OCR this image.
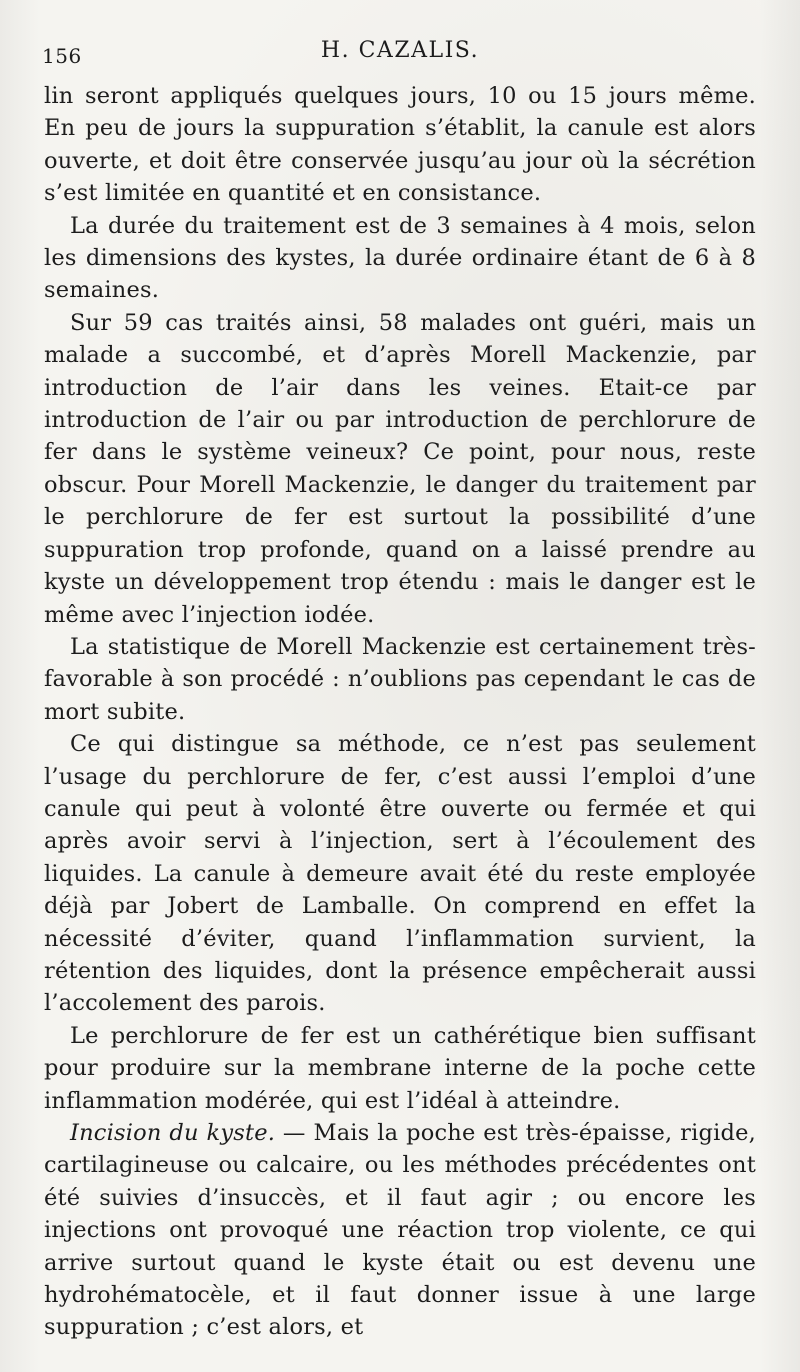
156	H. CAZALIS.

lin seront appliqués quelques jours, 10 ou 15 jours même. En peu de jours la suppuration s’établit, la canule est alors ouverte, et doit être conservée jusqu’au jour où la sécrétion s’est limitée en quantité et en consistance.

La durée du traitement est de 3 semaines à 4 mois, selon les dimensions des kystes, la durée ordinaire étant de 6 à 8 semaines.

Sur 59 cas traités ainsi, 58 malades ont guéri, mais un malade a succombé, et d’après Morell Mackenzie, par introduction de l’air dans les veines. Etait-ce par introduction de l’air ou par introduction de perchlorure de fer dans le système veineux? Ce point, pour nous, reste obscur. Pour Morell Mackenzie, le danger du traitement par le perchlorure de fer est surtout la possibilité d’une suppuration trop profonde, quand on a laissé prendre au kyste un développement trop étendu : mais le danger est le même avec l’injection iodée.

La statistique de Morell Mackenzie est certainement très-favorable à son procédé : n’oublions pas cependant le cas de mort subite.

Ce qui distingue sa méthode, ce n’est pas seulement l’usage du perchlorure de fer, c’est aussi l’emploi d’une canule qui peut à volonté être ouverte ou fermée et qui après avoir servi à l’injection, sert à l’écoulement des liquides. La canule à demeure avait été du reste employée déjà par Jobert de Lamballe. On comprend en effet la nécessité d’éviter, quand l’inflammation survient, la rétention des liquides, dont la présence empêcherait aussi l’accolement des parois.

Le perchlorure de fer est un cathérétique bien suffisant pour produire sur la membrane interne de la poche cette inflammation modérée, qui est l’idéal à atteindre.

Incision du kyste. — Mais la poche est très-épaisse, rigide, cartilagineuse ou calcaire, ou les méthodes précédentes ont été suivies d’insuccès, et il faut agir ; ou encore les injections ont provoqué une réaction trop violente, ce qui arrive surtout quand le kyste était ou est devenu une hydrohématocèle, et il faut donner issue à une large suppuration ; c’est alors, et
